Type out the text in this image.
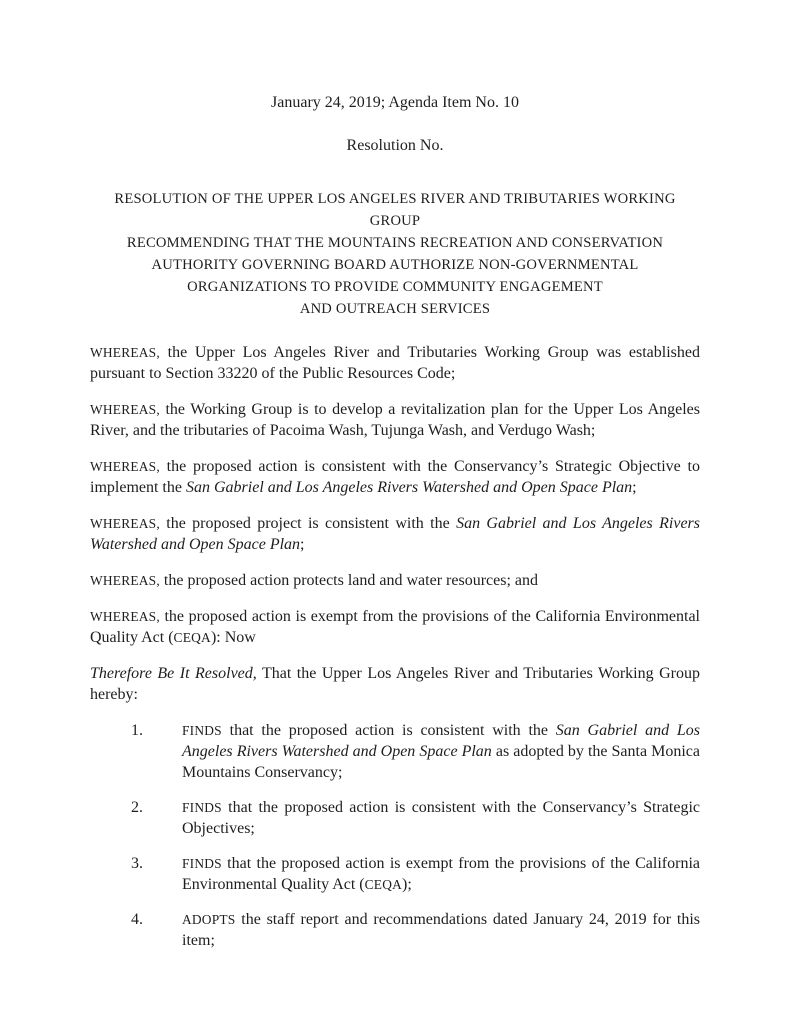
January 24, 2019; Agenda Item No. 10

Resolution No.

RESOLUTION OF THE UPPER LOS ANGELES RIVER AND TRIBUTARIES WORKING GROUP
RECOMMENDING THAT THE MOUNTAINS RECREATION AND CONSERVATION
AUTHORITY GOVERNING BOARD AUTHORIZE NON-GOVERNMENTAL
ORGANIZATIONS TO PROVIDE COMMUNITY ENGAGEMENT
AND OUTREACH SERVICES

WHEREAS, the Upper Los Angeles River and Tributaries Working Group was established pursuant to Section 33220 of the Public Resources Code;

WHEREAS, the Working Group is to develop a revitalization plan for the Upper Los Angeles River, and the tributaries of Pacoima Wash, Tujunga Wash, and Verdugo Wash;

WHEREAS, the proposed action is consistent with the Conservancy’s Strategic Objective to implement the San Gabriel and Los Angeles Rivers Watershed and Open Space Plan;

WHEREAS, the proposed project is consistent with the San Gabriel and Los Angeles Rivers Watershed and Open Space Plan;

WHEREAS, the proposed action protects land and water resources; and

WHEREAS, the proposed action is exempt from the provisions of the California Environmental Quality Act (CEQA): Now

Therefore Be It Resolved, That the Upper Los Angeles River and Tributaries Working Group hereby:

1.	FINDS that the proposed action is consistent with the San Gabriel and Los Angeles Rivers Watershed and Open Space Plan as adopted by the Santa Monica Mountains Conservancy;
2.	FINDS that the proposed action is consistent with the Conservancy’s Strategic Objectives;
3.	FINDS that the proposed action is exempt from the provisions of the California Environmental Quality Act (CEQA);
4.	ADOPTS the staff report and recommendations dated January 24, 2019 for this item;
